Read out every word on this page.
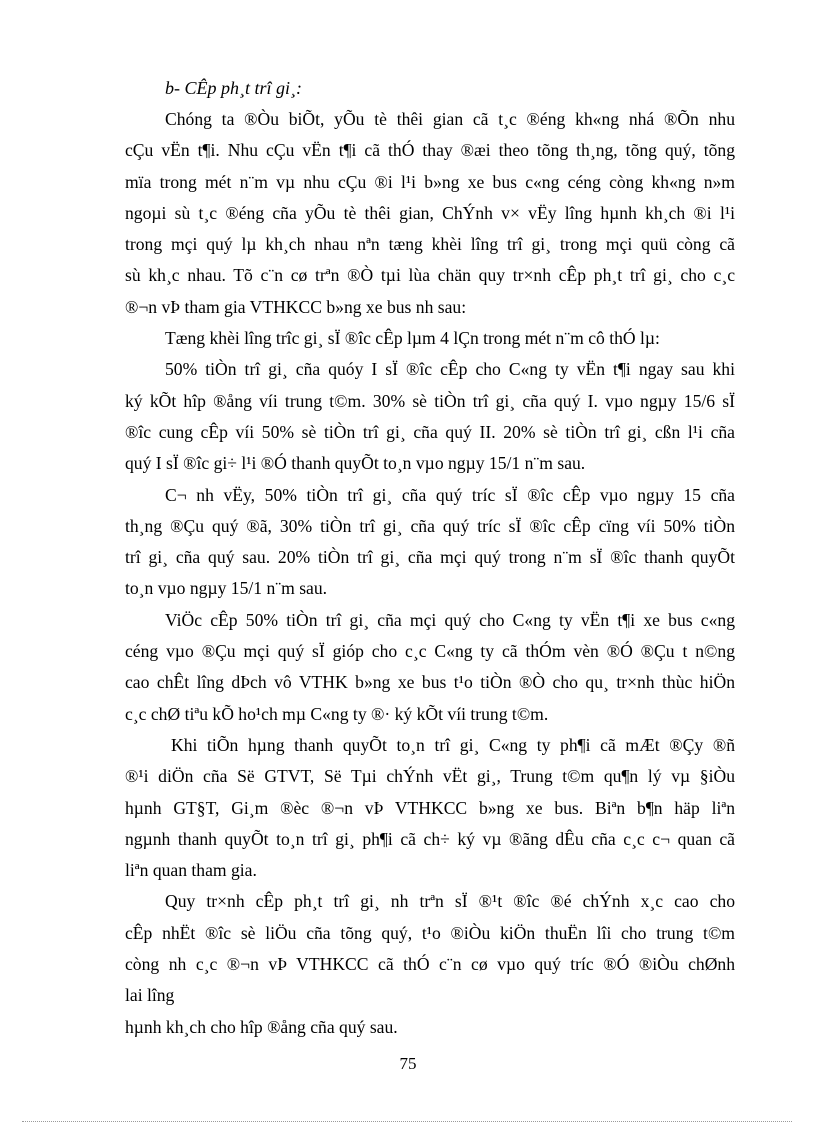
b- CÊp ph¸t trî gi¸:

Chóng ta ®Òu biÕt, yÕu tè thêi gian cã t¸c ®éng kh«ng nhá ®Õn nhu
cÇu vËn t¶i. Nhu cÇu vËn t¶i cã thÓ thay ®æi theo tõng th¸ng, tõng quý, tõng
mïa trong mét n¨m vµ nhu cÇu ®i l¹i b»ng xe bus c«ng céng còng kh«ng n»m
ngoµi sù t¸c ®éng cña yÕu tè thêi gian, ChÝnh v× vËy lîng hµnh kh¸ch ®i l¹i
trong mçi quý lµ kh¸ch nhau nªn tæng khèi lîng trî gi¸ trong mçi quü còng cã
sù kh¸c nhau. Tõ c¨n cø trªn ®Ò tµi lùa chän quy tr×nh cÊp ph¸t trî gi¸ cho c¸c
®¬n vÞ tham gia VTHKCC b»ng xe bus nh sau:

Tæng khèi lîng trîc gi¸ sÏ ®îc cÊp lµm 4 lÇn trong mét n¨m cô thÓ lµ:

50% tiÒn trî gi¸ cña quóy I sÏ ®îc cÊp cho C«ng ty vËn t¶i ngay sau khi
ký kÕt hîp ®ång víi trung t©m. 30% sè tiÒn trî gi¸ cña quý I. vµo ngµy 15/6 sÏ
®îc cung cÊp víi 50% sè tiÒn trî gi¸ cña quý II. 20% sè tiÒn trî gi¸ cßn l¹i cña
quý I sÏ ®îc gi÷ l¹i ®Ó thanh quyÕt to¸n vµo ngµy 15/1 n¨m sau.

C¬ nh vËy, 50% tiÒn trî gi¸ cña quý tríc sÏ ®îc cÊp vµo ngµy 15 cña
th¸ng ®Çu quý ®ã, 30% tiÒn trî gi¸ cña quý tríc sÏ ®îc cÊp cïng víi 50% tiÒn
trî gi¸ cña quý sau. 20% tiÒn trî gi¸ cña mçi quý trong n¨m sÏ ®îc thanh quyÕt
to¸n vµo ngµy 15/1 n¨m sau.

ViÖc cÊp 50% tiÒn trî gi¸ cña mçi quý cho C«ng ty vËn t¶i xe bus c«ng
céng vµo ®Çu mçi quý sÏ gióp cho c¸c C«ng ty cã thÓm vèn ®Ó ®Çu t n©ng
cao chÊt lîng dÞch vô VTHK b»ng xe bus t¹o tiÒn ®Ò cho qu¸ tr×nh thùc hiÖn
c¸c chØ tiªu kÕ ho¹ch mµ C«ng ty ®· ký kÕt víi trung t©m.

Khi tiÕn hµng thanh quyÕt to¸n trî gi¸ C«ng ty ph¶i cã mÆt ®Çy ®ñ
®¹i diÖn cña Së GTVT, Së Tµi chÝnh vËt gi¸, Trung t©m qu¶n lý vµ §iÒu
hµnh GT§T, Gi¸m ®èc ®¬n vÞ VTHKCC b»ng xe bus. Biªn b¶n häp liªn
ngµnh thanh quyÕt to¸n trî gi¸ ph¶i cã ch÷ ký vµ ®ãng dÊu cña c¸c c¬ quan cã
liªn quan tham gia.

Quy tr×nh cÊp ph¸t trî gi¸ nh trªn sÏ ®¹t ®îc ®é chÝnh x¸c cao cho
cÊp nhËt ®îc sè liÖu cña tõng quý, t¹o ®iÒu kiÖn thuËn lîi cho trung t©m
còng nh c¸c ®¬n vÞ VTHKCC cã thÓ c¨n cø vµo quý tríc ®Ó ®iÒu chØnh
lai lîng
hµnh kh¸ch cho hîp ®ång cña quý sau.

75
